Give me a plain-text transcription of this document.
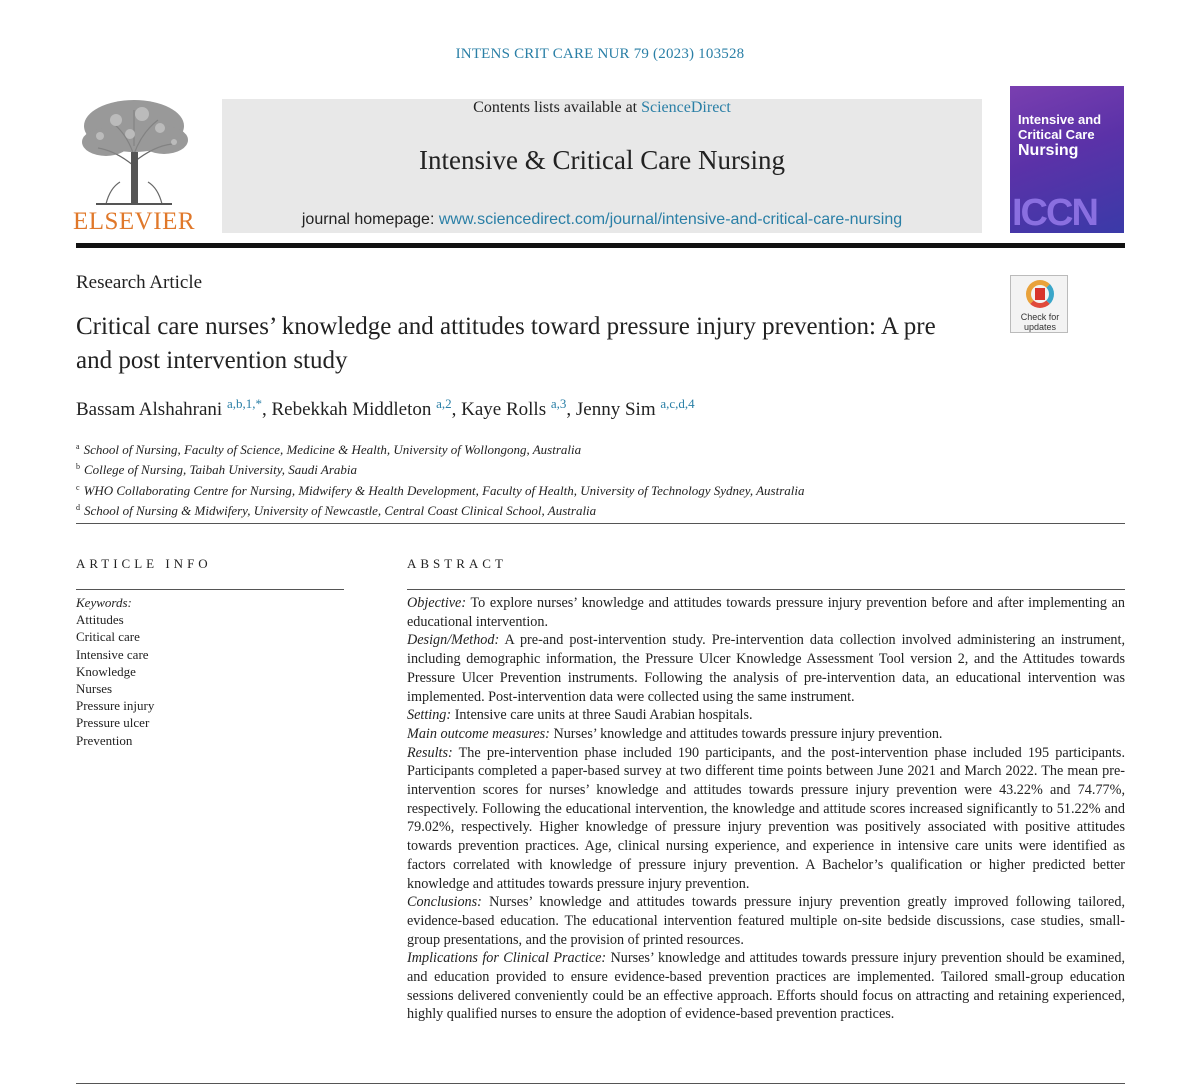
INTENS CRIT CARE NUR 79 (2023) 103528
ELSEVIER
Contents lists available at ScienceDirect
Intensive & Critical Care Nursing
journal homepage: www.sciencedirect.com/journal/intensive-and-critical-care-nursing
Intensive and
Critical Care
Nursing
ICCN
Research Article
Critical care nurses’ knowledge and attitudes toward pressure injury prevention: A pre and post intervention study
Check for
updates
Bassam Alshahrani $^{a,b,1,*}$, Rebekkah Middleton $^{a,2}$, Kaye Rolls $^{a,3}$, Jenny Sim $^{a,c,d,4}$
$^a$ School of Nursing, Faculty of Science, Medicine & Health, University of Wollongong, Australia
$^b$ College of Nursing, Taibah University, Saudi Arabia
$^c$ WHO Collaborating Centre for Nursing, Midwifery & Health Development, Faculty of Health, University of Technology Sydney, Australia
$^d$ School of Nursing & Midwifery, University of Newcastle, Central Coast Clinical School, Australia
ARTICLE INFO	ABSTRACT
Keywords:
Attitudes
Critical care
Intensive care
Knowledge
Nurses
Pressure injury
Pressure ulcer
Prevention

Objective: To explore nurses’ knowledge and attitudes towards pressure injury prevention before and after implementing an educational intervention.

Design/Method: A pre-and post-intervention study. Pre-intervention data collection involved administering an instrument, including demographic information, the Pressure Ulcer Knowledge Assessment Tool version 2, and the Attitudes towards Pressure Ulcer Prevention instruments. Following the analysis of pre-intervention data, an educational intervention was implemented. Post-intervention data were collected using the same instrument.

Setting: Intensive care units at three Saudi Arabian hospitals.

Main outcome measures: Nurses’ knowledge and attitudes towards pressure injury prevention.

Results: The pre-intervention phase included 190 participants, and the post-intervention phase included 195 participants. Participants completed a paper-based survey at two different time points between June 2021 and March 2022. The mean pre-intervention scores for nurses’ knowledge and attitudes towards pressure injury prevention were 43.22% and 74.77%, respectively. Following the educational intervention, the knowledge and attitude scores increased significantly to 51.22% and 79.02%, respectively. Higher knowledge of pressure injury prevention was positively associated with positive attitudes towards prevention practices. Age, clinical nursing experience, and experience in intensive care units were identified as factors correlated with knowledge of pressure injury prevention. A Bachelor’s qualification or higher predicted better knowledge and attitudes towards pressure injury prevention.

Conclusions: Nurses’ knowledge and attitudes towards pressure injury prevention greatly improved following tailored, evidence-based education. The educational intervention featured multiple on-site bedside discussions, case studies, small-group presentations, and the provision of printed resources.

Implications for Clinical Practice: Nurses’ knowledge and attitudes towards pressure injury prevention should be examined, and education provided to ensure evidence-based prevention practices are implemented. Tailored small-group education sessions delivered conveniently could be an effective approach. Efforts should focus on attracting and retaining experienced, highly qualified nurses to ensure the adoption of evidence-based prevention practices.
